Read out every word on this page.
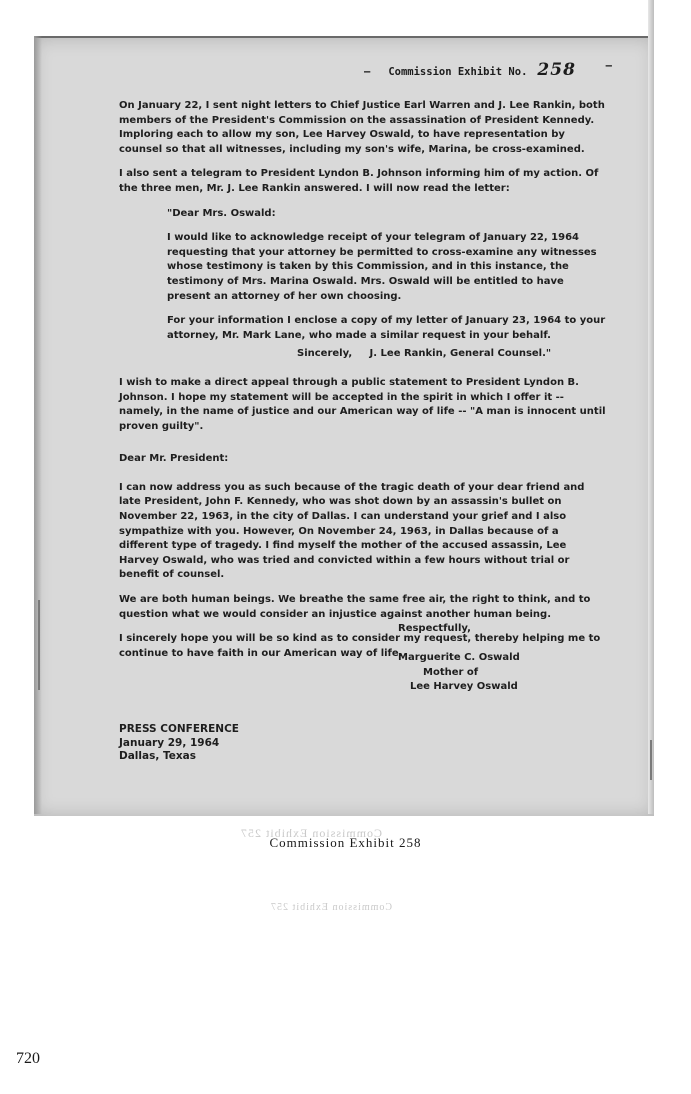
— Commission Exhibit No. 258	—

On January 22, I sent night letters to Chief Justice Earl Warren and J. Lee Rankin, both members of the President's Commission on the assassination of President Kennedy. Imploring each to allow my son, Lee Harvey Oswald, to have representation by counsel so that all witnesses, including my son's wife, Marina, be cross-examined.

I also sent a telegram to President Lyndon B. Johnson informing him of my action. Of the three men, Mr. J. Lee Rankin answered. I will now read the letter:

"Dear Mrs. Oswald:

I would like to acknowledge receipt of your telegram of January 22, 1964 requesting that your attorney be permitted to cross-examine any witnesses whose testimony is taken by this Commission, and in this instance, the testimony of Mrs. Marina Oswald. Mrs. Oswald will be entitled to have present an attorney of her own choosing.

For your information I enclose a copy of my letter of January 23, 1964 to your attorney, Mr. Mark Lane, who made a similar request in your behalf.

Sincerely,     J. Lee Rankin, General Counsel."

I wish to make a direct appeal through a public statement to President Lyndon B. Johnson. I hope my statement will be accepted in the spirit in which I offer it -- namely, in the name of justice and our American way of life -- "A man is innocent until proven guilty".

Dear Mr. President:

I can now address you as such because of the tragic death of your dear friend and late President, John F. Kennedy, who was shot down by an assassin's bullet on November 22, 1963, in the city of Dallas. I can understand your grief and I also sympathize with you. However, On November 24, 1963, in Dallas because of a different type of tragedy. I find myself the mother of the accused assassin, Lee Harvey Oswald, who was tried and convicted within a few hours without trial or benefit of counsel.

We are both human beings. We breathe the same free air, the right to think, and to question what we would consider an injustice against another human being.

I sincerely hope you will be so kind as to consider my request, thereby helping me to continue to have faith in our American way of life.

Respectfully,

Marguerite C. Oswald
Mother of
Lee Harvey Oswald
PRESS CONFERENCE
January 29, 1964
Dallas, Texas
Commission Exhibit 257
Commission Exhibit 257
Commission Exhibit 258
720
